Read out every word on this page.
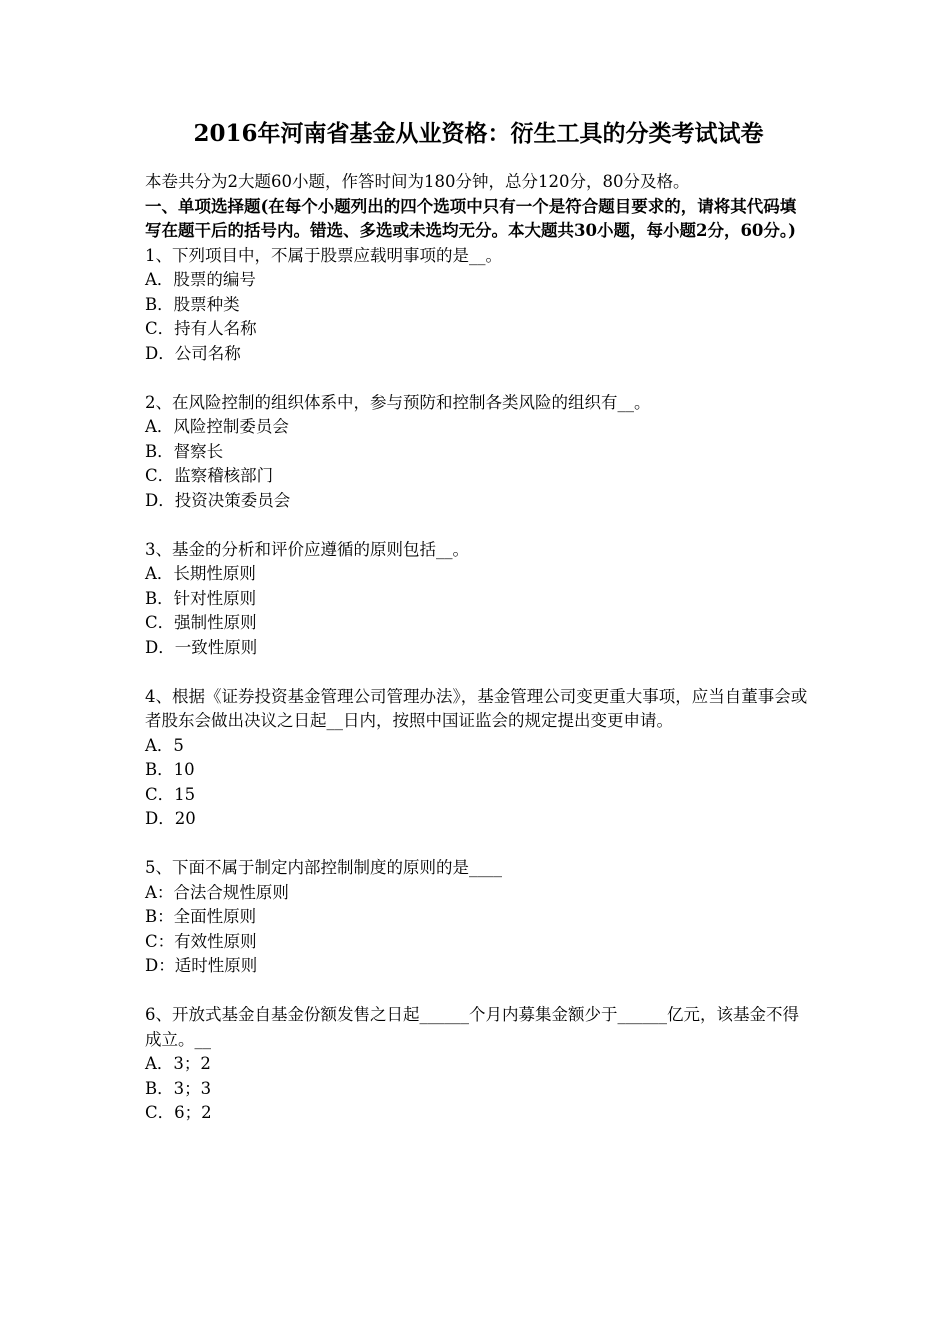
2016年河南省基金从业资格：衍生工具的分类考试试卷

本卷共分为2大题60小题，作答时间为180分钟，总分120分，80分及格。

一、单项选择题(在每个小题列出的四个选项中只有一个是符合题目要求的，请将其代码填写在题干后的括号内。错选、多选或未选均无分。本大题共30小题，每小题2分，60分。)

1、下列项目中，不属于股票应载明事项的是__。

A．股票的编号

B．股票种类

C．持有人名称

D．公司名称

2、在风险控制的组织体系中，参与预防和控制各类风险的组织有__。

A．风险控制委员会

B．督察长

C．监察稽核部门

D．投资决策委员会

3、基金的分析和评价应遵循的原则包括__。

A．长期性原则

B．针对性原则

C．强制性原则

D．一致性原则

4、根据《证券投资基金管理公司管理办法》，基金管理公司变更重大事项，应当自董事会或者股东会做出决议之日起__日内，按照中国证监会的规定提出变更申请。

A．5

B．10

C．15

D．20

5、下面不属于制定内部控制制度的原则的是____

A：合法合规性原则

B：全面性原则

C：有效性原则

D：适时性原则

6、开放式基金自基金份额发售之日起______个月内募集金额少于______亿元，该基金不得成立。__

A．3；2

B．3；3

C．6；2
